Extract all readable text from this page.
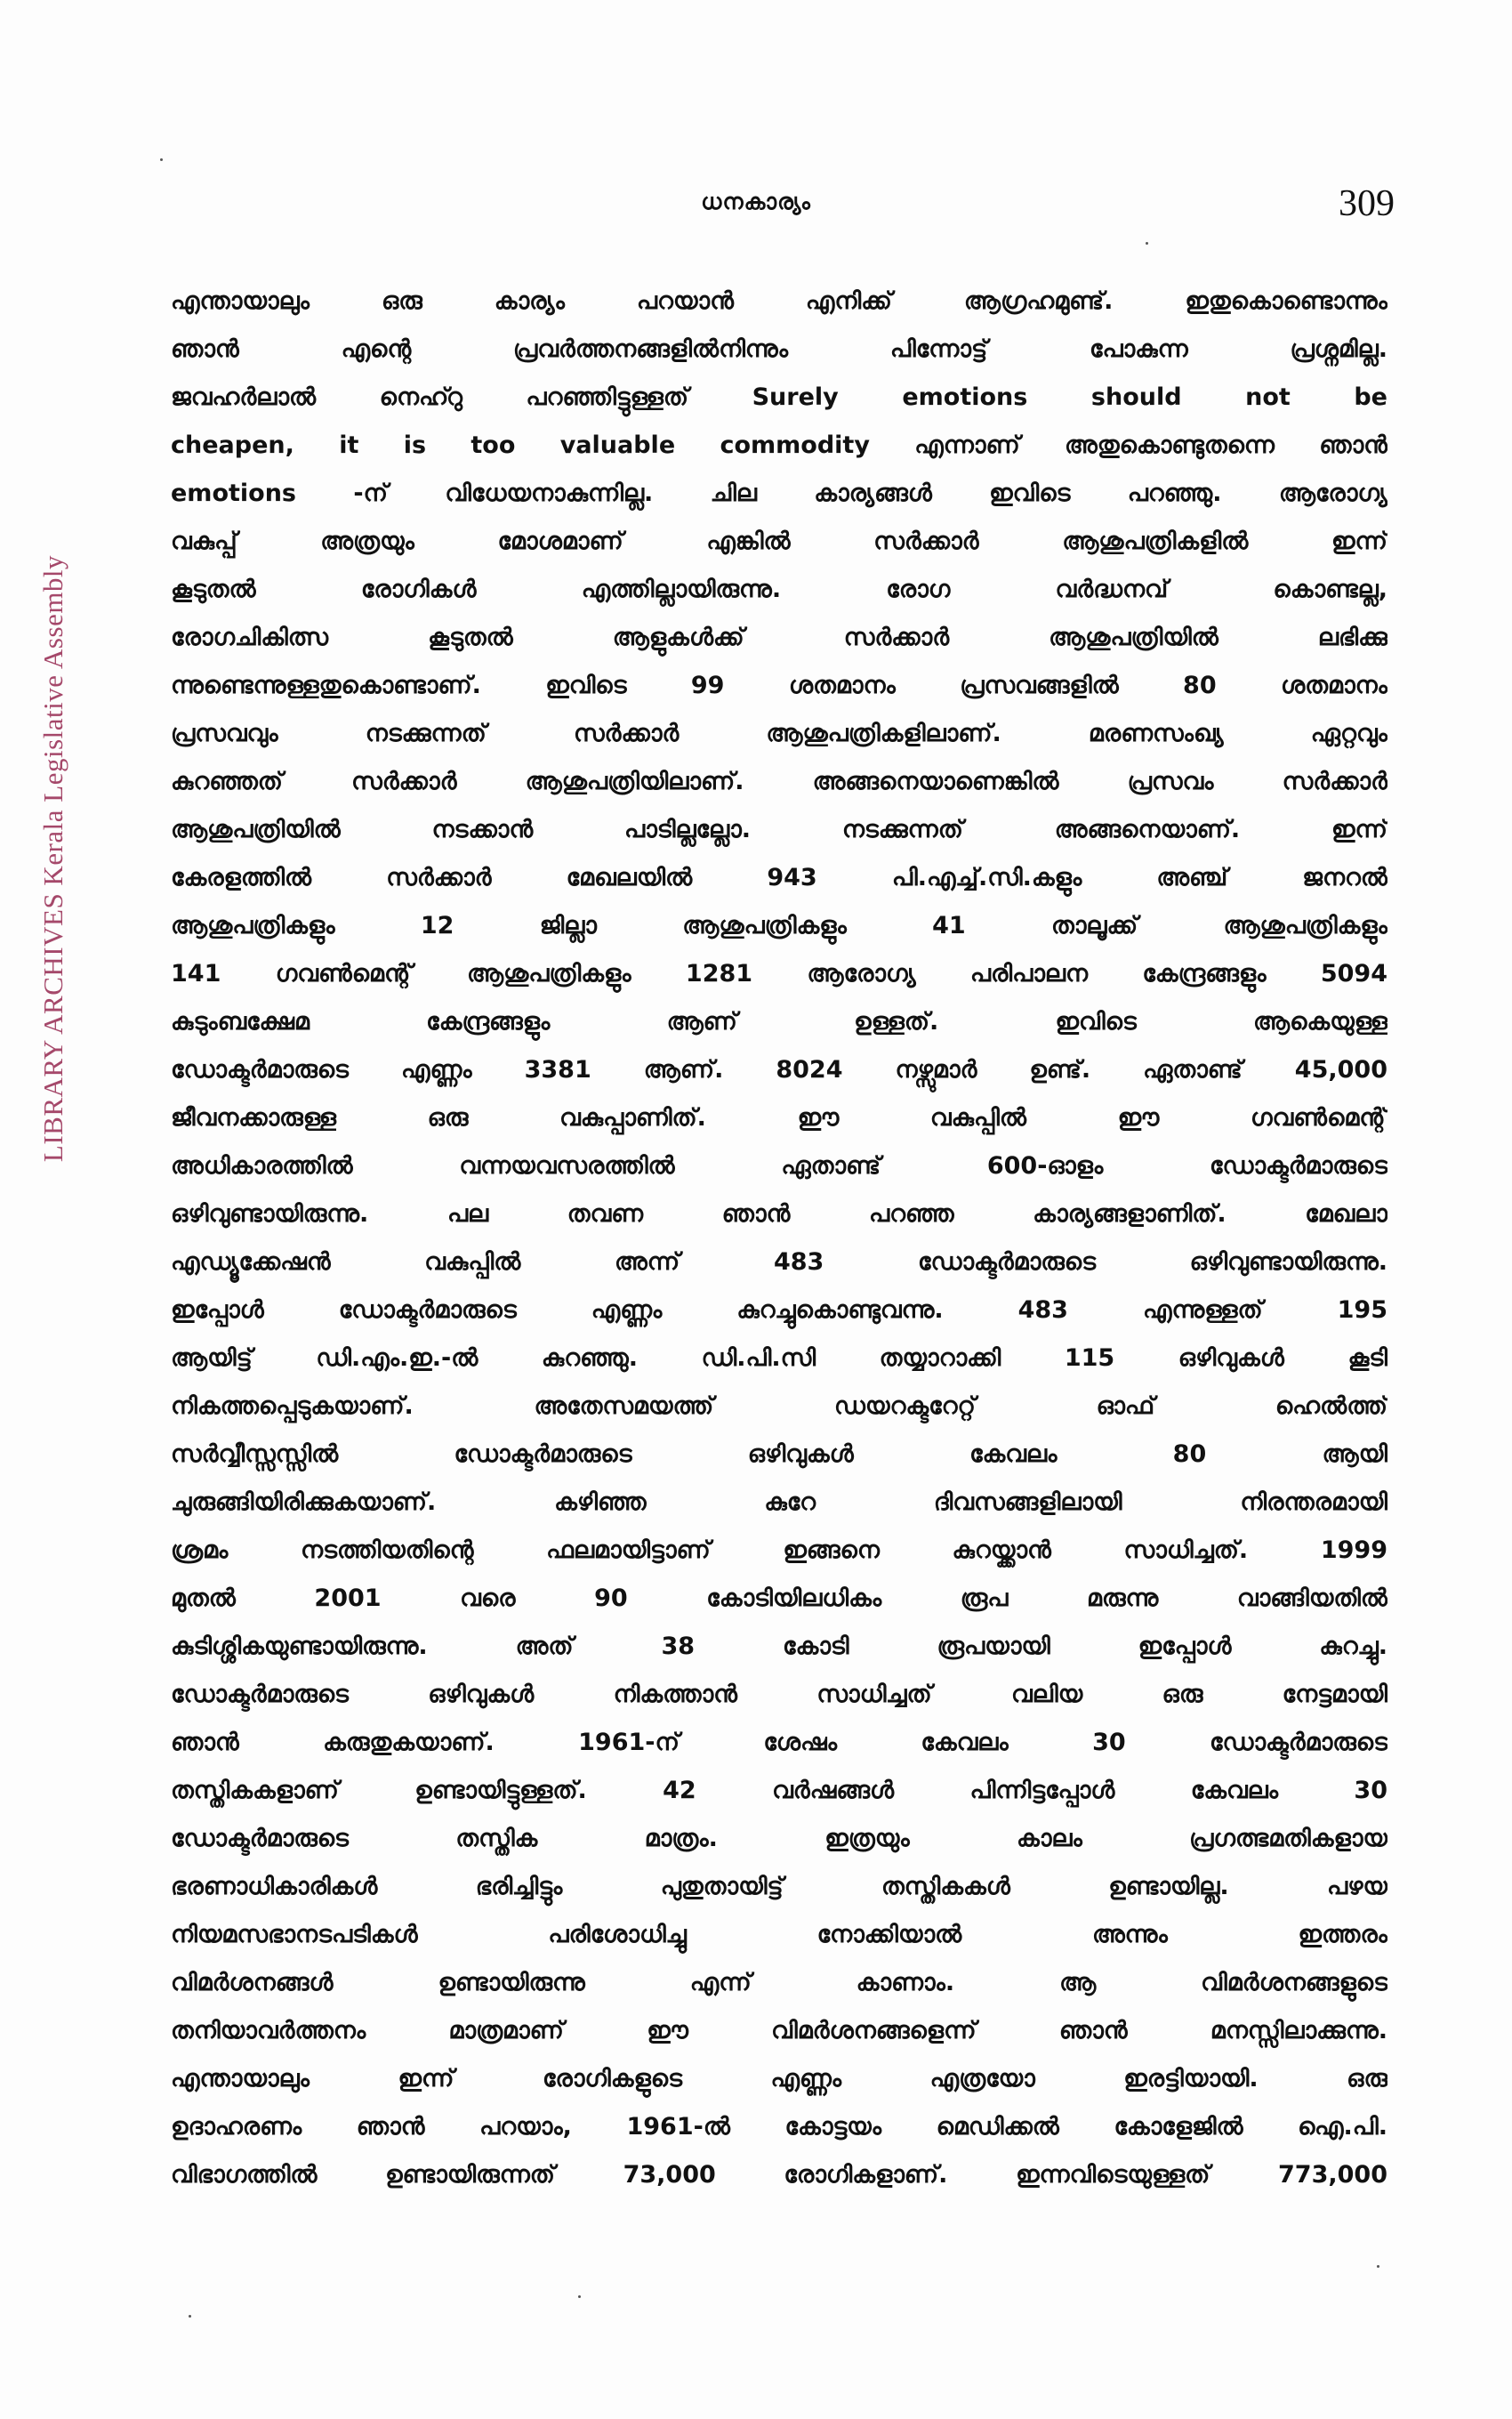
LIBRARY ARCHIVES Kerala Legislative Assembly
ധനകാര്യം	309
എന്തായാലും ഒരു കാര്യം പറയാൻ എനിക്ക് ആഗ്രഹമുണ്ട്. ഇതുകൊണ്ടൊന്നും
ഞാൻ എന്റെ പ്രവർത്തനങ്ങളിൽനിന്നും പിന്നോട്ട് പോകുന്ന പ്രശ്നമില്ല.
ജവഹർലാൽ നെഹ്റു പറഞ്ഞിട്ടുള്ളത് Surely emotions should not be
cheapen, it is too valuable commodity എന്നാണ് അതുകൊണ്ടുതന്നെ ഞാൻ
emotions -ന് വിധേയനാകുന്നില്ല. ചില കാര്യങ്ങൾ ഇവിടെ പറഞ്ഞു. ആരോഗ്യ
വകുപ്പ് അത്രയും മോശമാണ് എങ്കിൽ സർക്കാർ ആശുപത്രികളിൽ ഇന്ന്
കൂടുതൽ രോഗികൾ എത്തില്ലായിരുന്നു. രോഗ വർദ്ധനവ് കൊണ്ടല്ല,
രോഗചികിത്സ കൂടുതൽ ആളുകൾക്ക് സർക്കാർ ആശുപത്രിയിൽ ലഭിക്കു
ന്നുണ്ടെന്നുള്ളതുകൊണ്ടാണ്. ഇവിടെ 99 ശതമാനം പ്രസവങ്ങളിൽ 80 ശതമാനം
പ്രസവവും നടക്കുന്നത് സർക്കാർ ആശുപത്രികളിലാണ്. മരണസംഖ്യ ഏറ്റവും
കുറഞ്ഞത് സർക്കാർ ആശുപത്രിയിലാണ്. അങ്ങനെയാണെങ്കിൽ പ്രസവം സർക്കാർ
ആശുപത്രിയിൽ നടക്കാൻ പാടില്ലല്ലോ. നടക്കുന്നത് അങ്ങനെയാണ്. ഇന്ന്
കേരളത്തിൽ സർക്കാർ മേഖലയിൽ 943 പി.എച്ച്.സി.കളും അഞ്ച് ജനറൽ
ആശുപത്രികളും 12 ജില്ലാ ആശുപത്രികളും 41 താലൂക്ക് ആശുപത്രികളും
141 ഗവൺമെന്റ് ആശുപത്രികളും 1281 ആരോഗ്യ പരിപാലന കേന്ദ്രങ്ങളും 5094
കുടുംബക്ഷേമ കേന്ദ്രങ്ങളും ആണ് ഉള്ളത്. ഇവിടെ ആകെയുള്ള
ഡോക്ടർമാരുടെ എണ്ണം 3381 ആണ്. 8024 നഴ്സുമാർ ഉണ്ട്. ഏതാണ്ട് 45,000
ജീവനക്കാരുള്ള ഒരു വകുപ്പാണിത്. ഈ വകുപ്പിൽ ഈ ഗവൺമെന്റ്
അധികാരത്തിൽ വന്നയവസരത്തിൽ ഏതാണ്ട് 600-ഓളം ഡോക്ടർമാരുടെ
ഒഴിവുണ്ടായിരുന്നു. പല തവണ ഞാൻ പറഞ്ഞ കാര്യങ്ങളാണിത്. മേഖലാ
എഡ്യൂക്കേഷൻ വകുപ്പിൽ അന്ന് 483 ഡോക്ടർമാരുടെ ഒഴിവുണ്ടായിരുന്നു.
ഇപ്പോൾ ഡോക്ടർമാരുടെ എണ്ണം കുറച്ചുകൊണ്ടുവന്നു. 483 എന്നുള്ളത് 195
ആയിട്ട് ഡി.എം.ഇ.-ൽ കുറഞ്ഞു. ഡി.പി.സി തയ്യാറാക്കി 115 ഒഴിവുകൾ കൂടി
നികത്തപ്പെടുകയാണ്. അതേസമയത്ത് ഡയറക്ടറേറ്റ് ഓഫ് ഹെൽത്ത്
സർവ്വീസ്സസ്സിൽ ഡോക്ടർമാരുടെ ഒഴിവുകൾ കേവലം 80 ആയി
ചുരുങ്ങിയിരിക്കുകയാണ്. കഴിഞ്ഞ കുറേ ദിവസങ്ങളിലായി നിരന്തരമായി
ശ്രമം നടത്തിയതിന്റെ ഫലമായിട്ടാണ് ഇങ്ങനെ കുറയ്ക്കാൻ സാധിച്ചത്. 1999
മുതൽ 2001 വരെ 90 കോടിയിലധികം രൂപ മരുന്നു വാങ്ങിയതിൽ
കുടിശ്ശികയുണ്ടായിരുന്നു. അത് 38 കോടി രൂപയായി ഇപ്പോൾ കുറച്ചു.
ഡോക്ടർമാരുടെ ഒഴിവുകൾ നികത്താൻ സാധിച്ചത് വലിയ ഒരു നേട്ടമായി
ഞാൻ കരുതുകയാണ്. 1961-ന് ശേഷം കേവലം 30 ഡോക്ടർമാരുടെ
തസ്തികകളാണ് ഉണ്ടായിട്ടുള്ളത്. 42 വർഷങ്ങൾ പിന്നിട്ടപ്പോൾ കേവലം 30
ഡോക്ടർമാരുടെ തസ്തിക മാത്രം. ഇത്രയും കാലം പ്രഗത്ഭമതികളായ
ഭരണാധികാരികൾ ഭരിച്ചിട്ടും പുതുതായിട്ട് തസ്തികകൾ ഉണ്ടായില്ല. പഴയ
നിയമസഭാനടപടികൾ പരിശോധിച്ചു നോക്കിയാൽ അന്നും ഇത്തരം
വിമർശനങ്ങൾ ഉണ്ടായിരുന്നു എന്ന് കാണാം. ആ വിമർശനങ്ങളുടെ
തനിയാവർത്തനം മാത്രമാണ് ഈ വിമർശനങ്ങളെന്ന് ഞാൻ മനസ്സിലാക്കുന്നു.
എന്തായാലും ഇന്ന് രോഗികളുടെ എണ്ണം എത്രയോ ഇരട്ടിയായി. ഒരു
ഉദാഹരണം ഞാൻ പറയാം, 1961-ൽ കോട്ടയം മെഡിക്കൽ കോളേജിൽ ഐ.പി.
വിഭാഗത്തിൽ ഉണ്ടായിരുന്നത് 73,000 രോഗികളാണ്. ഇന്നവിടെയുള്ളത് 773,000
